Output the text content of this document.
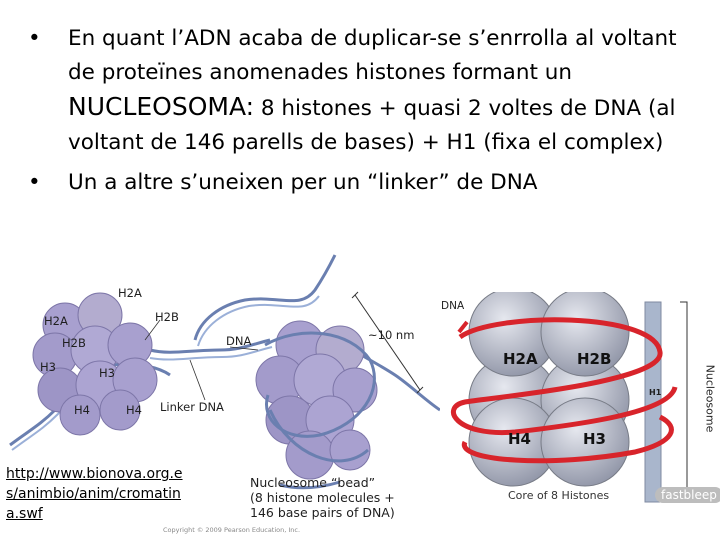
• En quant l’ADN acaba de duplicar-se s’enrrolla al voltant de proteïnes anomenades histones formant un NUCLEOSOMA: 8 histones + quasi 2 voltes de DNA (al voltant de 146 parells de bases) + H1 (fixa el complex)
• Un a altre s’uneixen per un “linker” de DNA
H2A
H2A	H2B
H2B
H3	H3
H4	H4
DNA
Linker DNA
~10 nm
Nucleosome “bead”
(8 histone molecules +
146 base pairs of DNA)
Copyright © 2009 Pearson Education, Inc.
http://www.bionova.org.es/animbio/anim/cromatina.swf
DNA
H2A	H2B
H4	H3
H1
Core of 8 Histones
Nucleosome
fastbleep
